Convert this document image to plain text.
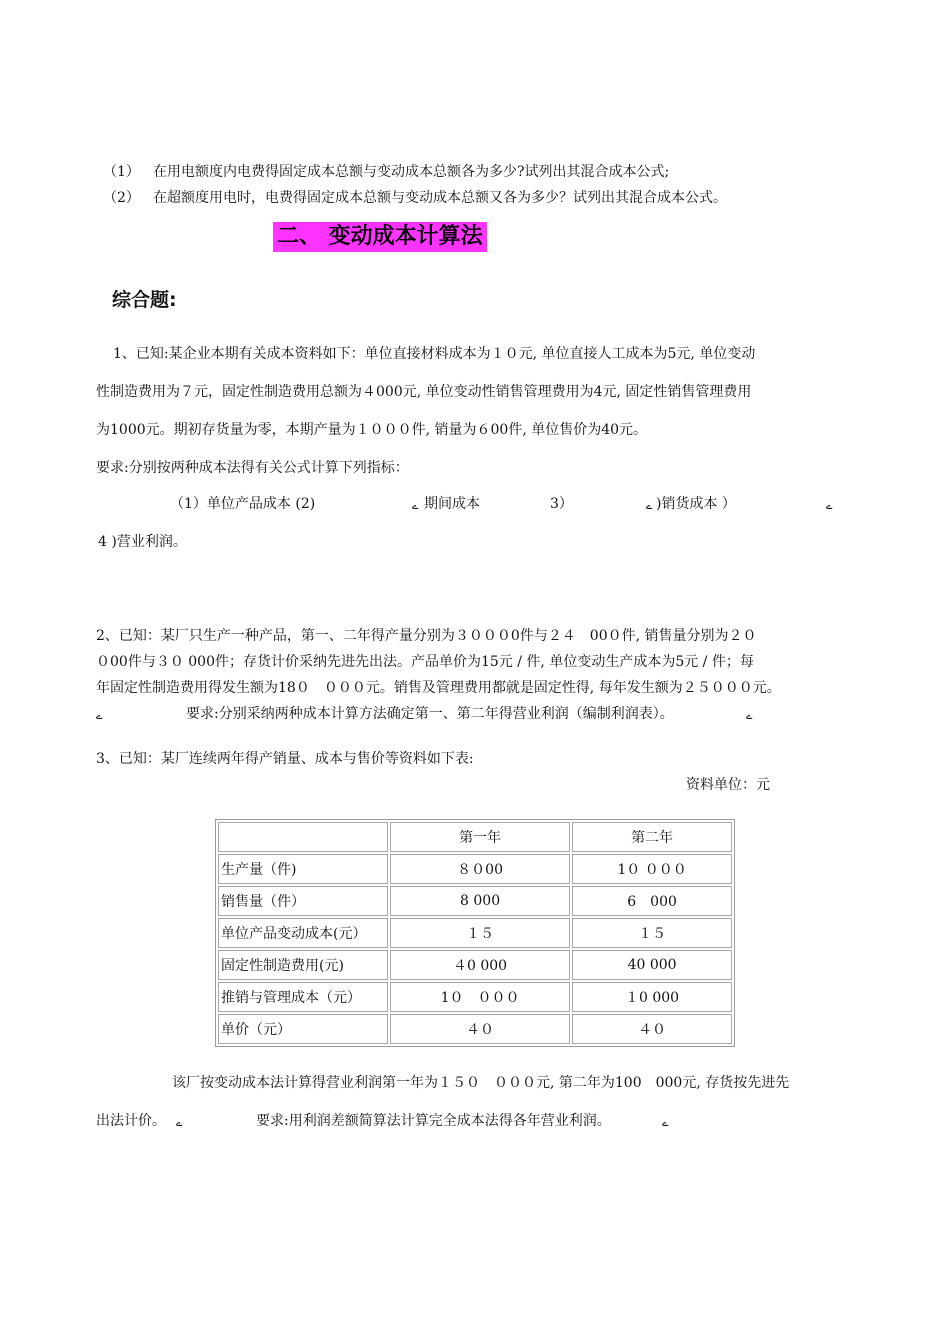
（1） 在用电额度内电费得固定成本总额与变动成本总额各为多少?试列出其混合成本公式;
（2） 在超额度用电时，电费得固定成本总额与变动成本总额又各为多少？试列出其混合成本公式。
二、 变动成本计算法
综合题:
1、已知:某企业本期有关成本资料如下：单位直接材料成本为１０元, 单位直接人工成本为5元, 单位变动
性制造费用为７元，固定性制造费用总额为４000元, 单位变动性销售管理费用为4元, 固定性销售管理费用
为1000元。期初存货量为零，本期产量为１０００件, 销量为６00件, 单位售价为40元。
要求:分别按两种成本法得有关公式计算下列指标：
（1）单位产品成本 (2)	ے 期间成本	3）	ے )销货成本 ）	ے
4 )营业利润。
2、已知：某厂只生产一种产品，第一、二年得产量分别为３０００0件与２４　00０件, 销售量分别为２０
０00件与３０ 000件；存货计价采纳先进先出法。产品单价为15元 / 件, 单位变动生产成本为5元 / 件；每
年固定性制造费用得发生额为18０　０００元。销售及管理费用都就是固定性得, 每年发生额为２５０００元。
ے	要求:分别采纳两种成本计算方法确定第一、第二年得营业利润（编制利润表）。	ے
3、已知：某厂连续两年得产销量、成本与售价等资料如下表:
资料单位：元
	第一年	第二年
生产量（件)	８０00	1０ ０００
销售量（件）	8 000	6　000
单位产品变动成本(元）	１５	１５
固定性制造费用(元)	４0 000	40 000
推销与管理成本（元）	1０　０００	１0 000
单价（元）	４０	４０
该厂按变动成本法计算得营业利润第一年为１５０　０００元, 第二年为100　000元, 存货按先进先
出法计价。 ے	要求:用利润差额简算法计算完全成本法得各年营业利润。	ے
